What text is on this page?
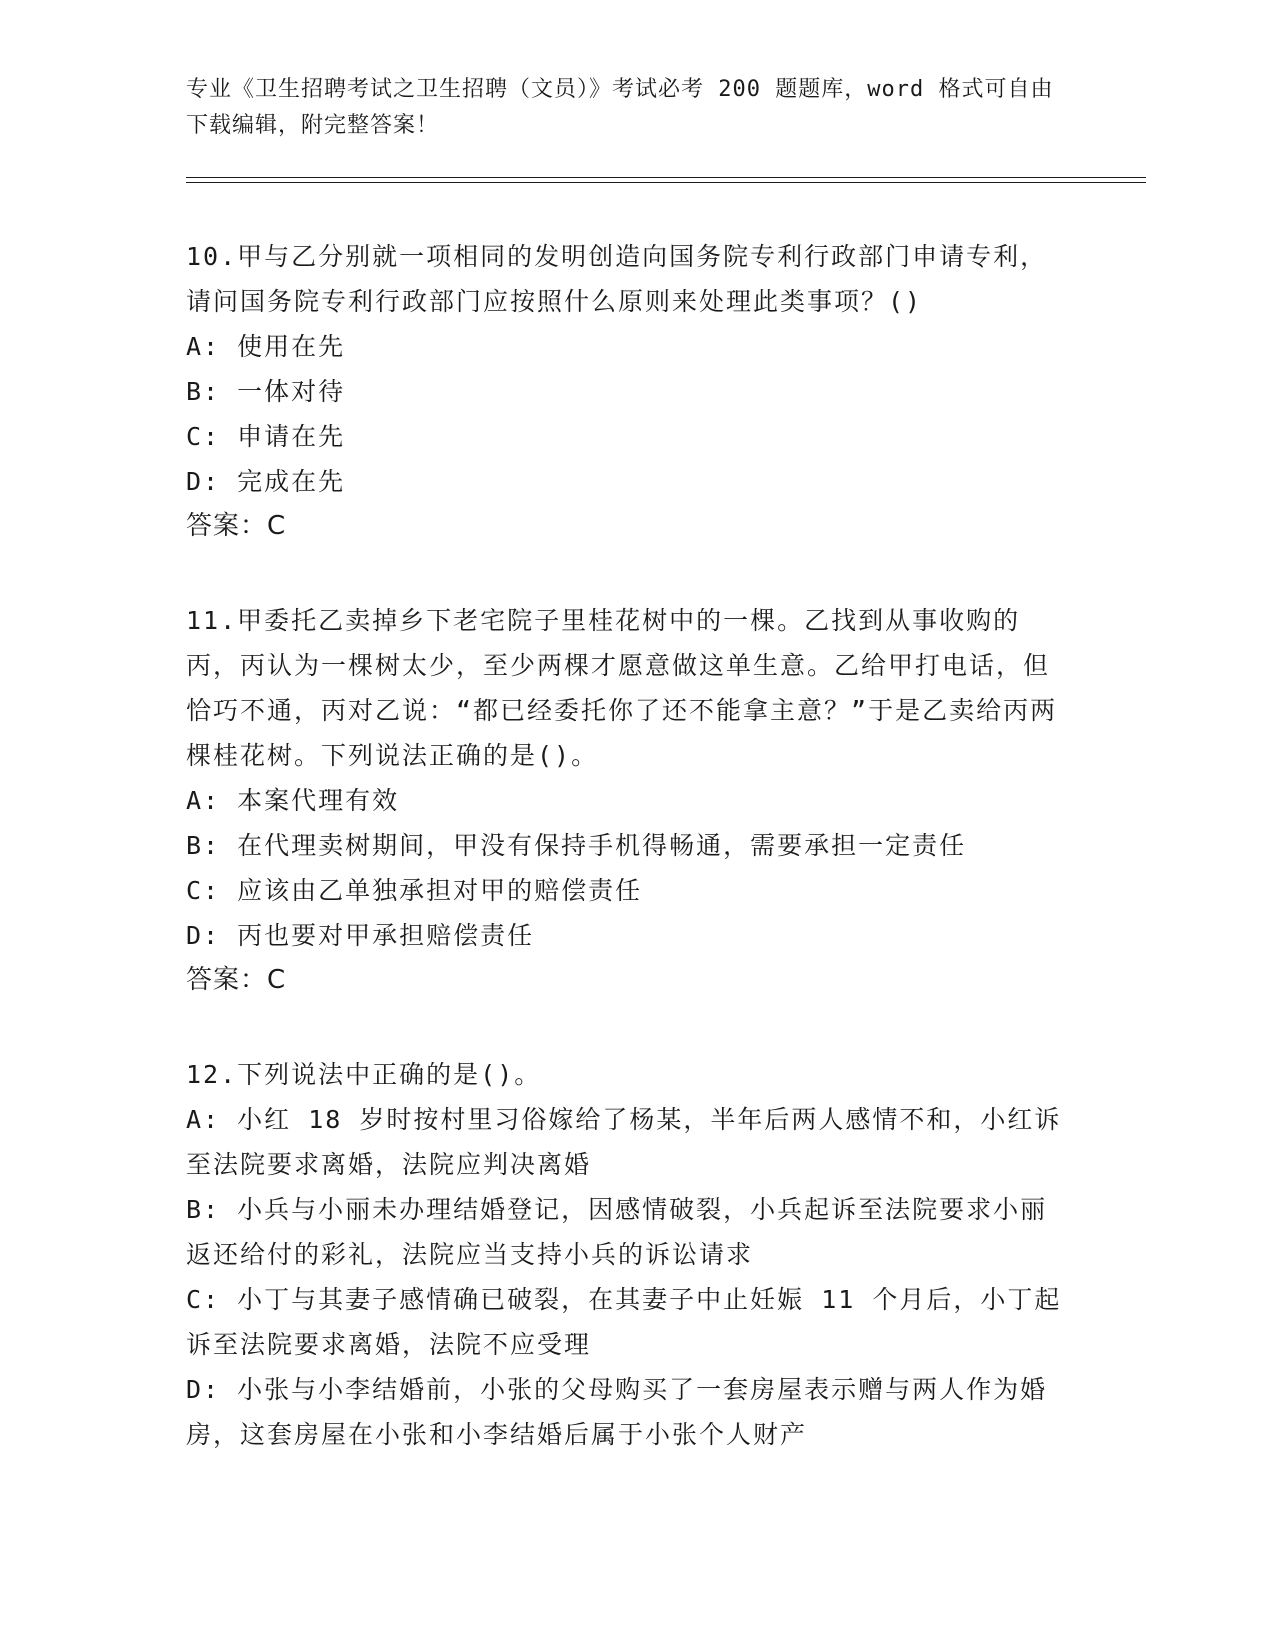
专业《卫生招聘考试之卫生招聘（文员）》考试必考 200 题题库，word 格式可自由下载编辑，附完整答案！
10.甲与乙分别就一项相同的发明创造向国务院专利行政部门申请专利，请问国务院专利行政部门应按照什么原则来处理此类事项？()
A: 使用在先
B: 一体对待
C: 申请在先
D: 完成在先
答案：C
11.甲委托乙卖掉乡下老宅院子里桂花树中的一棵。乙找到从事收购的丙，丙认为一棵树太少，至少两棵才愿意做这单生意。乙给甲打电话，但恰巧不通，丙对乙说：“都已经委托你了还不能拿主意？”于是乙卖给丙两棵桂花树。下列说法正确的是()。
A: 本案代理有效
B: 在代理卖树期间，甲没有保持手机得畅通，需要承担一定责任
C: 应该由乙单独承担对甲的赔偿责任
D: 丙也要对甲承担赔偿责任
答案：C
12.下列说法中正确的是()。
A: 小红 18 岁时按村里习俗嫁给了杨某，半年后两人感情不和，小红诉至法院要求离婚，法院应判决离婚
B: 小兵与小丽未办理结婚登记，因感情破裂，小兵起诉至法院要求小丽返还给付的彩礼，法院应当支持小兵的诉讼请求
C: 小丁与其妻子感情确已破裂，在其妻子中止妊娠 11 个月后，小丁起诉至法院要求离婚，法院不应受理
D: 小张与小李结婚前，小张的父母购买了一套房屋表示赠与两人作为婚房，这套房屋在小张和小李结婚后属于小张个人财产
